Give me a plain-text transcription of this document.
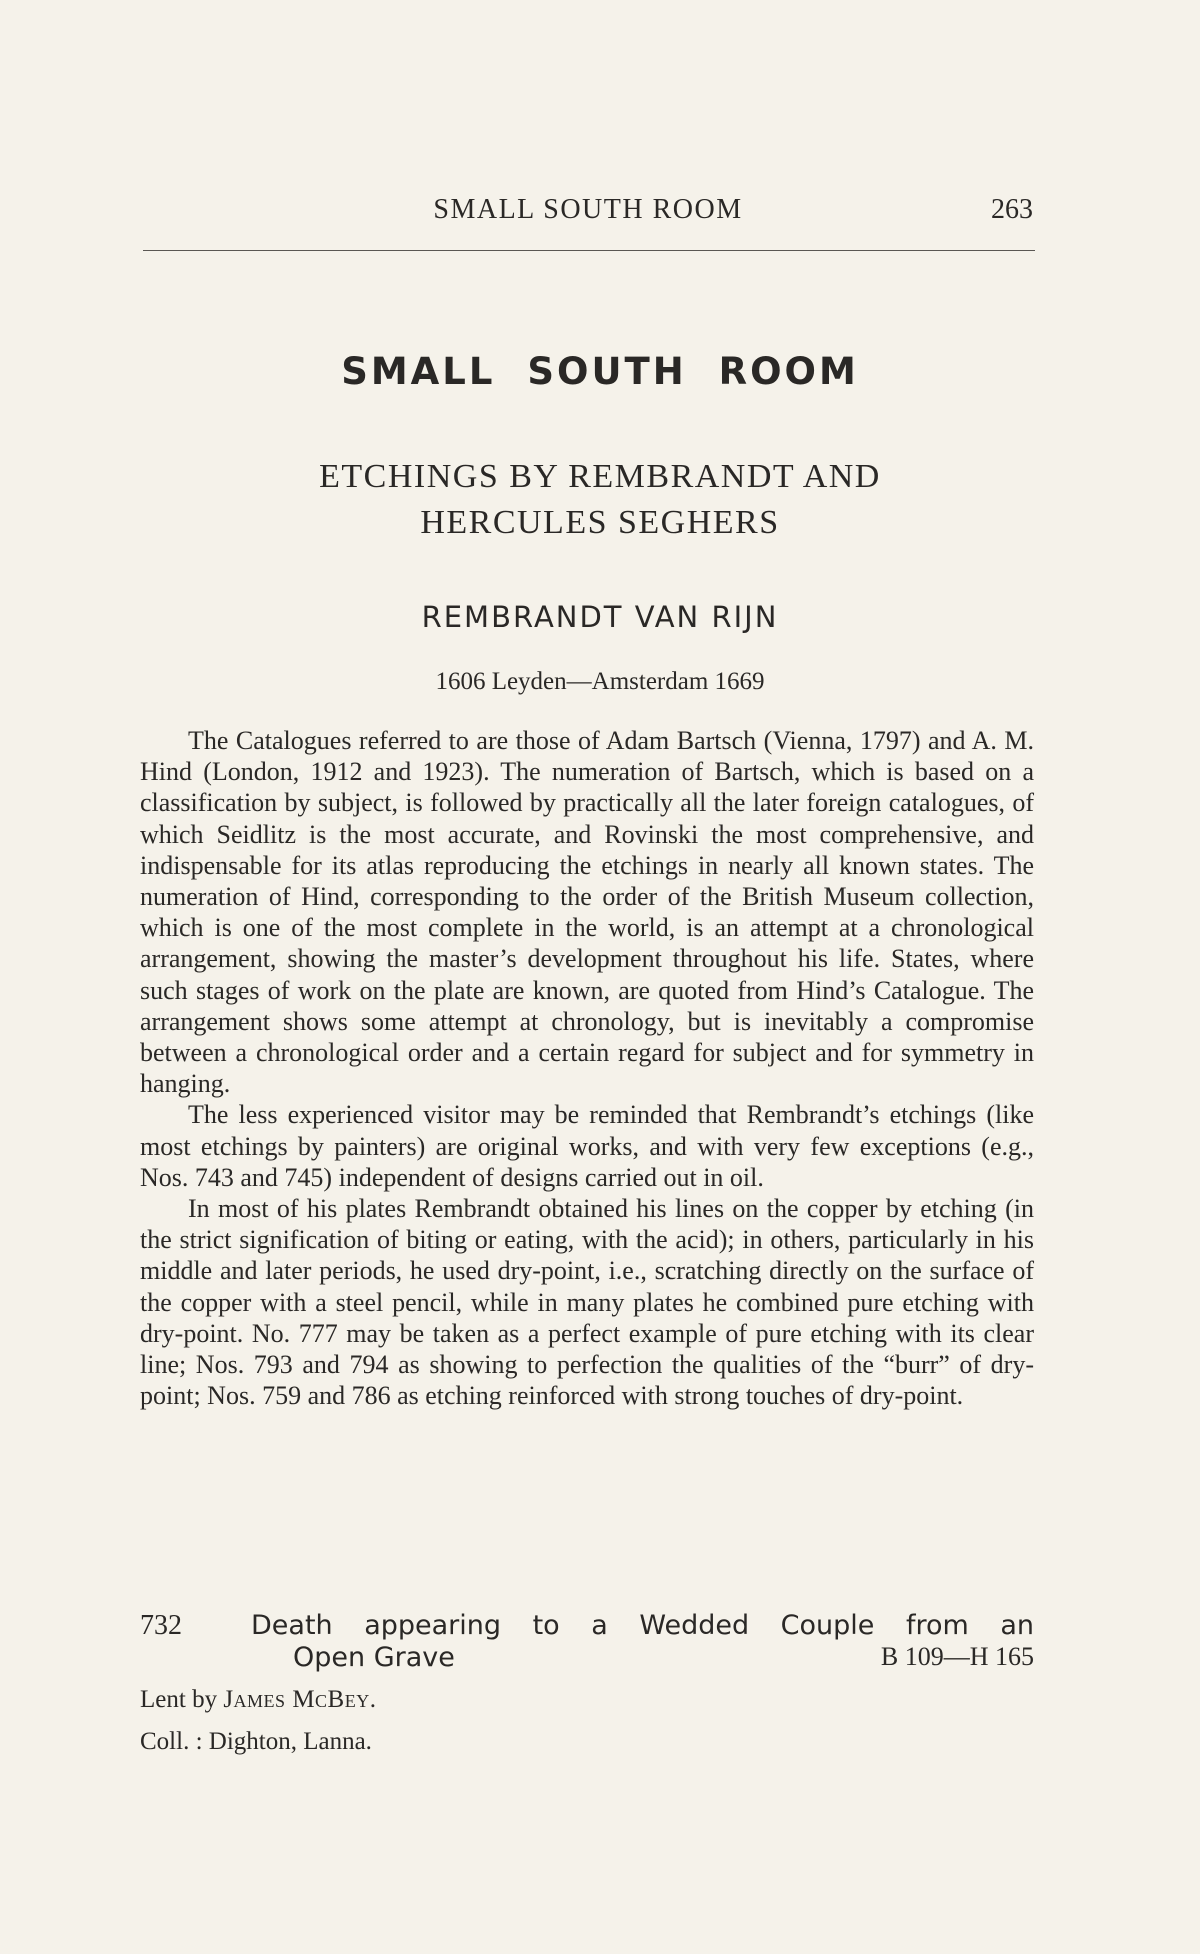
SMALL SOUTH ROOM	263
SMALL SOUTH ROOM
ETCHINGS BY REMBRANDT AND
HERCULES SEGHERS
REMBRANDT VAN RIJN
1606 Leyden—Amsterdam 1669

The Catalogues referred to are those of Adam Bartsch (Vienna, 1797) and A. M. Hind (London, 1912 and 1923). The numeration of Bartsch, which is based on a classification by subject, is followed by practically all the later foreign catalogues, of which Seidlitz is the most accurate, and Rovinski the most comprehensive, and indispensable for its atlas reproducing the etchings in nearly all known states. The numeration of Hind, corresponding to the order of the British Museum collection, which is one of the most complete in the world, is an attempt at a chronological arrangement, showing the master’s development throughout his life. States, where such stages of work on the plate are known, are quoted from Hind’s Catalogue. The arrangement shows some attempt at chronology, but is inevitably a compromise between a chronological order and a certain regard for subject and for symmetry in hanging.

The less experienced visitor may be reminded that Rembrandt’s etchings (like most etchings by painters) are original works, and with very few exceptions (e.g., Nos. 743 and 745) independent of designs carried out in oil.

In most of his plates Rembrandt obtained his lines on the copper by etching (in the strict signification of biting or eating, with the acid); in others, particularly in his middle and later periods, he used dry-point, i.e., scratching directly on the surface of the copper with a steel pencil, while in many plates he combined pure etching with dry-point. No. 777 may be taken as a perfect example of pure etching with its clear line; Nos. 793 and 794 as showing to perfection the qualities of the “burr” of dry-point; Nos. 759 and 786 as etching reinforced with strong touches of dry-point.

732	Death appearing to a Wedded Couple from an
Open Grave	B 109—H 165
Lent by James McBey.
Coll. : Dighton, Lanna.
